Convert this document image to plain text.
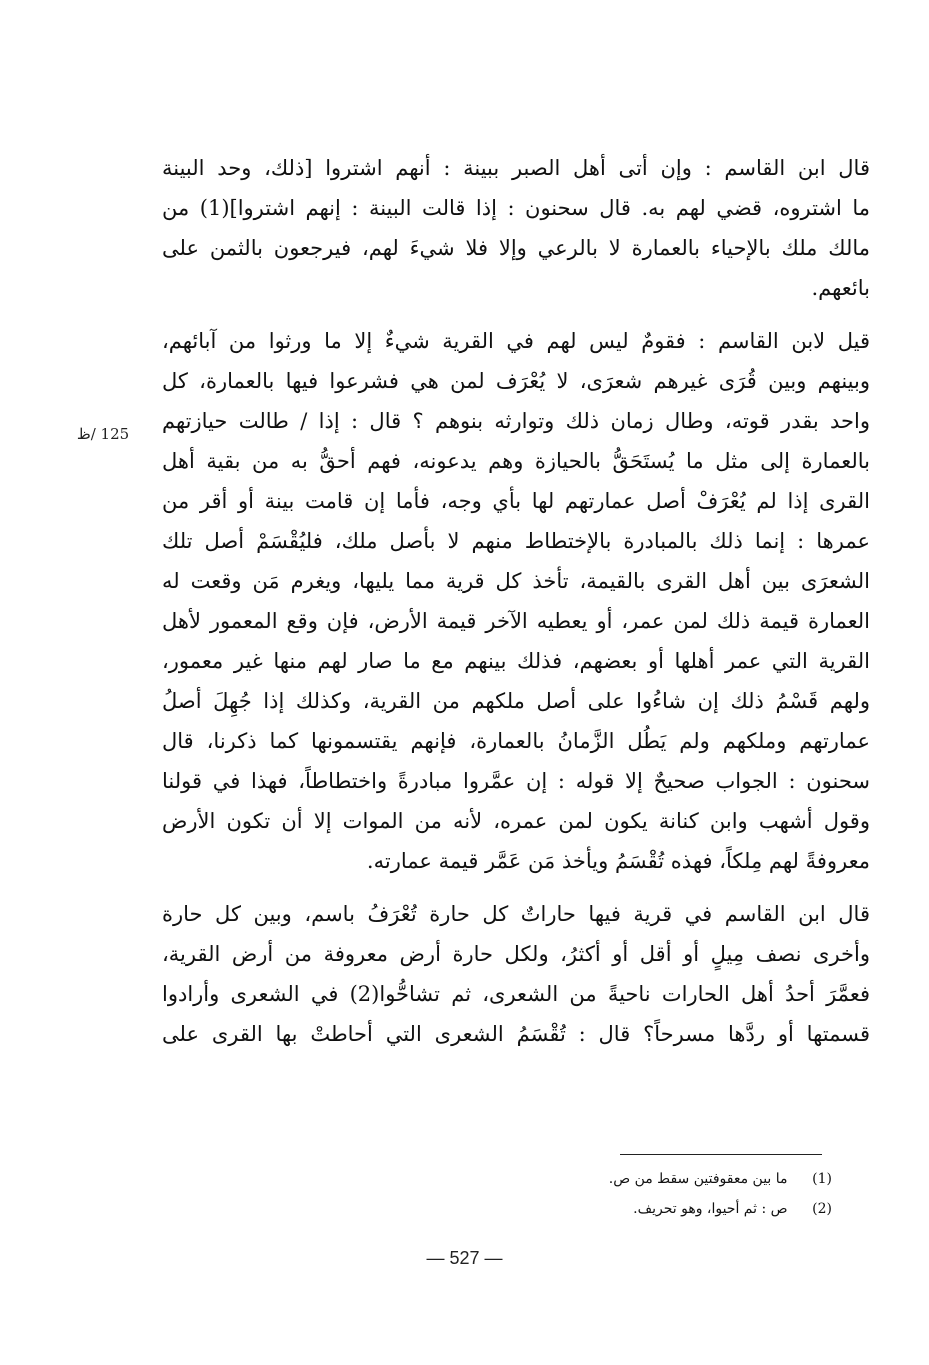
125 /ظ
قال ابن القاسم : وإن أتى أهل الصبر ببينة : أنهم اشتروا [ذلك، وحد البينة
ما اشتروه، قضي لهم به. قال سحنون : إذا قالت البينة : إنهم اشتروا](1) من
مالك ملك بالإحياء بالعمارة لا بالرعي وإلا فلا شيءَ لهم، فيرجعون بالثمن على
بائعهم.
قيل لابن القاسم : فقومٌ ليس لهم في القرية شيءٌ إلا ما ورثوا من آبائهم،
وبينهم وبين قُرَى غيرهم شعرَى، لا يُعْرَف لمن هي فشرعوا فيها بالعمارة، كل
واحد بقدر قوته، وطال زمان ذلك وتوارثه بنوهم ؟ قال : إذا / طالت حيازتهم
بالعمارة إلى مثل ما يُستَحَقُّ بالحيازة وهم يدعونه، فهم أحقُّ به من بقية أهل
القرى إذا لم يُعْرَفْ أصل عمارتهم لها بأي وجه، فأما إن قامت بينة أو أقر من
عمرها : إنما ذلك بالمبادرة بالإختطاط منهم لا بأصل ملك، فليُقْسَمْ أصل تلك
الشعرَى بين أهل القرى بالقيمة، تأخذ كل قرية مما يليها، ويغرم مَن وقعت له
العمارة قيمة ذلك لمن عمر، أو يعطيه الآخر قيمة الأرض، فإن وقع المعمور لأهل
القرية التي عمر أهلها أو بعضهم، فذلك بينهم مع ما صار لهم منها غير معمور،
ولهم قَسْمُ ذلك إن شاءُوا على أصل ملكهم من القرية، وكذلك إذا جُهِلَ أصلُ
عمارتهم وملكهم ولم يَطُل الزَّمانُ بالعمارة، فإنهم يقتسمونها كما ذكرنا، قال
سحنون : الجواب صحيحٌ إلا قوله : إن عمَّروا مبادرةً واختطاطاً، فهذا في قولنا
وقول أشهب وابن كنانة يكون لمن عمره، لأنه من الموات إلا أن تكون الأرض
معروفةً لهم مِلكاً، فهذه تُقْسَمُ ويأخذ مَن عَمَّر قيمة عمارته.
قال ابن القاسم في قرية فيها حاراتٌ كل حارة تُعْرَفُ باسم، وبين كل حارة
وأخرى نصف مِيلٍ أو أقل أو أكثرُ، ولكل حارة أرض معروفة من أرض القرية،
فعمَّرَ أحدُ أهل الحارات ناحيةً من الشعرى، ثم تشاحُّوا(2) في الشعرى وأرادوا
قسمتها أو ردَّها مسرحاً؟ قال : تُقْسَمُ الشعرى التي أحاطتْ بها القرى على
(1) ما بين معقوفتين سقط من ص.
(2) ص : ثم أحيوا، وهو تحريف.
— 527 —
